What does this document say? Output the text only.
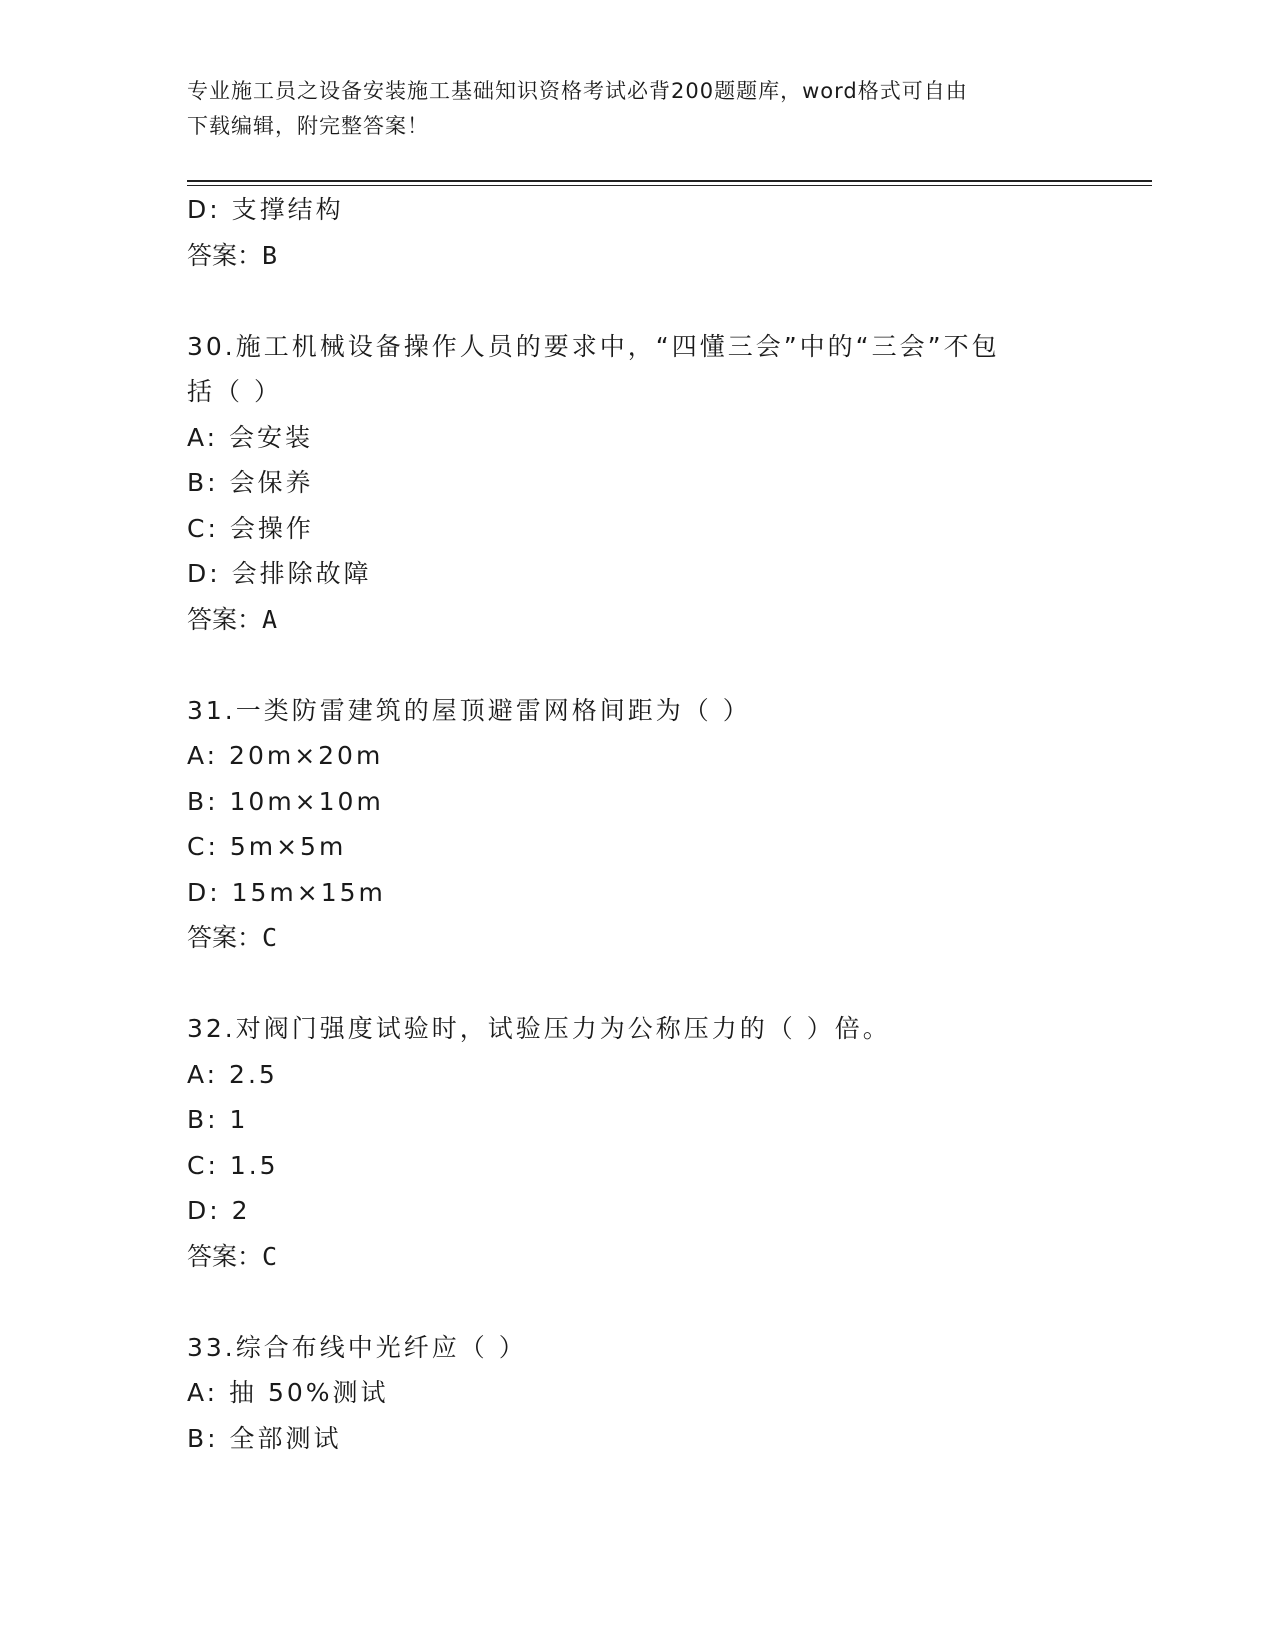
专业施工员之设备安装施工基础知识资格考试必背200题题库，word格式可自由
下载编辑，附完整答案！
D: 支撑结构
答案：B
30.施工机械设备操作人员的要求中，“四懂三会”中的“三会”不包
括（ ）
A: 会安装
B: 会保养
C: 会操作
D: 会排除故障
答案：A
31.一类防雷建筑的屋顶避雷网格间距为（ ）
A: 20m×20m
B: 10m×10m
C: 5m×5m
D: 15m×15m
答案：C
32.对阀门强度试验时，试验压力为公称压力的（ ）倍。
A: 2.5
B: 1
C: 1.5
D: 2
答案：C
33.综合布线中光纤应（ ）
A: 抽 50%测试
B: 全部测试
